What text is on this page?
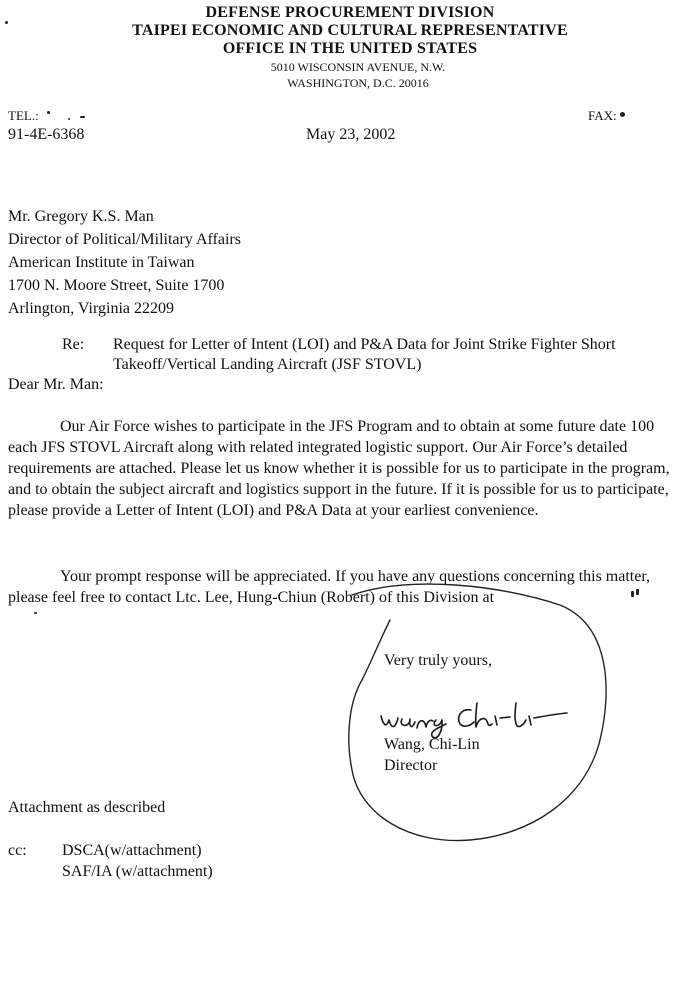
DEFENSE PROCUREMENT DIVISION
TAIPEI ECONOMIC AND CULTURAL REPRESENTATIVE
OFFICE IN THE UNITED STATES
5010 WISCONSIN AVENUE, N.W.
WASHINGTON, D.C. 20016
TEL.:	FAX:
91-4E-6368	May 23, 2002
Mr. Gregory K.S. Man
Director of Political/Military Affairs
American Institute in Taiwan
1700 N. Moore Street, Suite 1700
Arlington, Virginia 22209
Re: Request for Letter of Intent (LOI) and P&A Data for Joint Strike Fighter Short
Takeoff/Vertical Landing Aircraft (JSF STOVL)
Dear Mr. Man:
Our Air Force wishes to participate in the JFS Program and to obtain at some future date 100 each JFS STOVL Aircraft along with related integrated logistic support. Our Air Force’s detailed requirements are attached. Please let us know whether it is possible for us to participate in the program, and to obtain the subject aircraft and logistics support in the future. If it is possible for us to participate, please provide a Letter of Intent (LOI) and P&A Data at your earliest convenience.
Your prompt response will be appreciated. If you have any questions concerning this matter, please feel free to contact Ltc. Lee, Hung-Chiun (Robert) of this Division at
Very truly yours,
Wang, Chi-Lin
Director
Attachment as described
cc: DSCA(w/attachment)
SAF/IA (w/attachment)
